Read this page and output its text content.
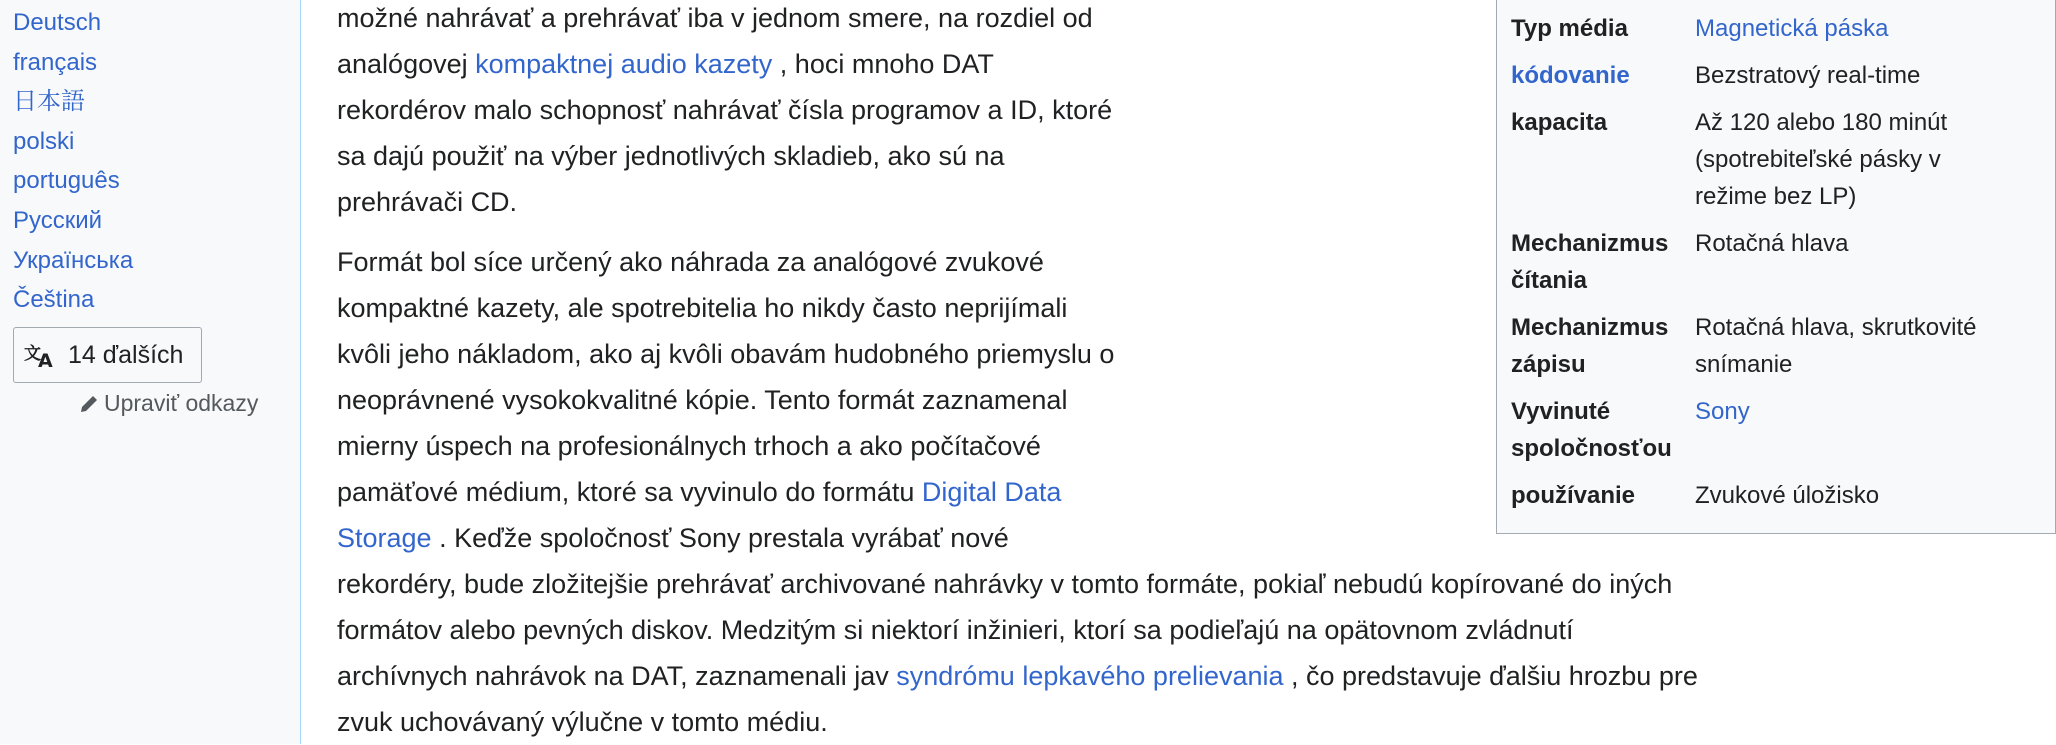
Deutsch
français
日本語
polski
português
Русский
Українська
Čeština
文
A 14 ďalších
Upraviť odkazy
Typ média	Magnetická páska
kódovanie	Bezstratový real-time
kapacita	Až 120 alebo 180 minút (spotrebiteľské pásky v režime bez LP)
Mechanizmus čítania	Rotačná hlava
Mechanizmus zápisu	Rotačná hlava, skrutkovité snímanie
Vyvinuté spoločnosťou	Sony
používanie	Zvukové úložisko

možné nahrávať a prehrávať iba v jednom smere, na rozdiel od analógovej kompaktnej audio kazety , hoci mnoho DAT rekordérov malo schopnosť nahrávať čísla programov a ID, ktoré sa dajú použiť na výber jednotlivých skladieb, ako sú na prehrávači CD.

Formát bol síce určený ako náhrada za analógové zvukové kompaktné kazety, ale spotrebitelia ho nikdy často neprijímali kvôli jeho nákladom, ako aj kvôli obavám hudobného priemyslu o neoprávnené vysokokvalitné kópie. Tento formát zaznamenal mierny úspech na profesionálnych trhoch a ako počítačové pamäťové médium, ktoré sa vyvinulo do formátu Digital Data Storage . Keďže spoločnosť Sony prestala vyrábať nové rekordéry, bude zložitejšie prehrávať archivované nahrávky v tomto formáte, pokiaľ nebudú kopírované do iných formátov alebo pevných diskov. Medzitým si niektorí inžinieri, ktorí sa podieľajú na opätovnom zvládnutí archívnych nahrávok na DAT, zaznamenali jav syndrómu lepkavého prelievania , čo predstavuje ďalšiu hrozbu pre zvuk uchovávaný výlučne v tomto médiu.
